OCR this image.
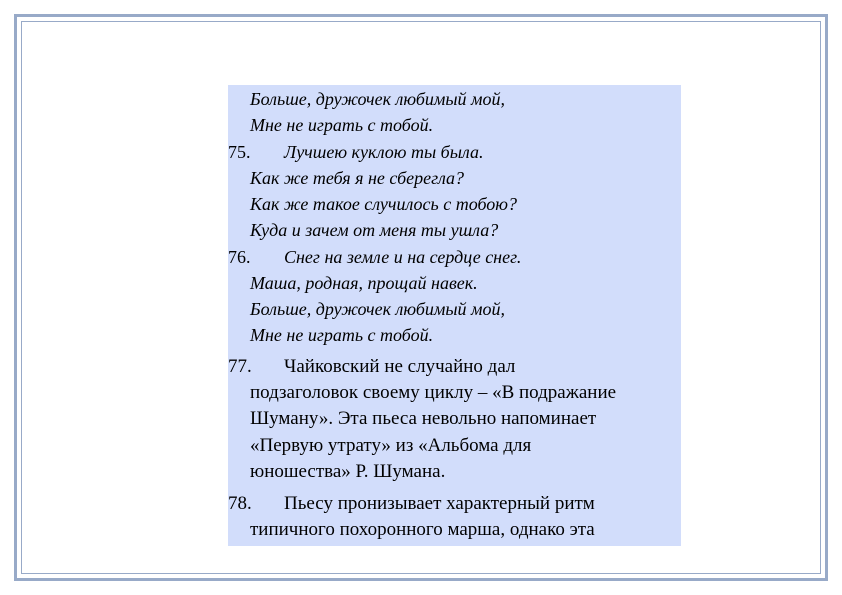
Больше, дружочек любимый мой,
Мне не играть с тобой.
75. Лучшею куклою ты была.
Как же тебя я не сберегла?
Как же такое случилось с тобою?
Куда и зачем от меня ты ушла?
76. Снег на земле и на сердце снег.
Маша, родная, прощай навек.
Больше, дружочек любимый мой,
Мне не играть с тобой.
77. Чайковский не случайно дал
подзаголовок своему циклу – «В подражание
Шуману». Эта пьеса невольно напоминает
«Первую утрату» из «Альбома для
юношества» Р. Шумана.
78. Пьесу пронизывает характерный ритм
типичного похоронного марша, однако эта
